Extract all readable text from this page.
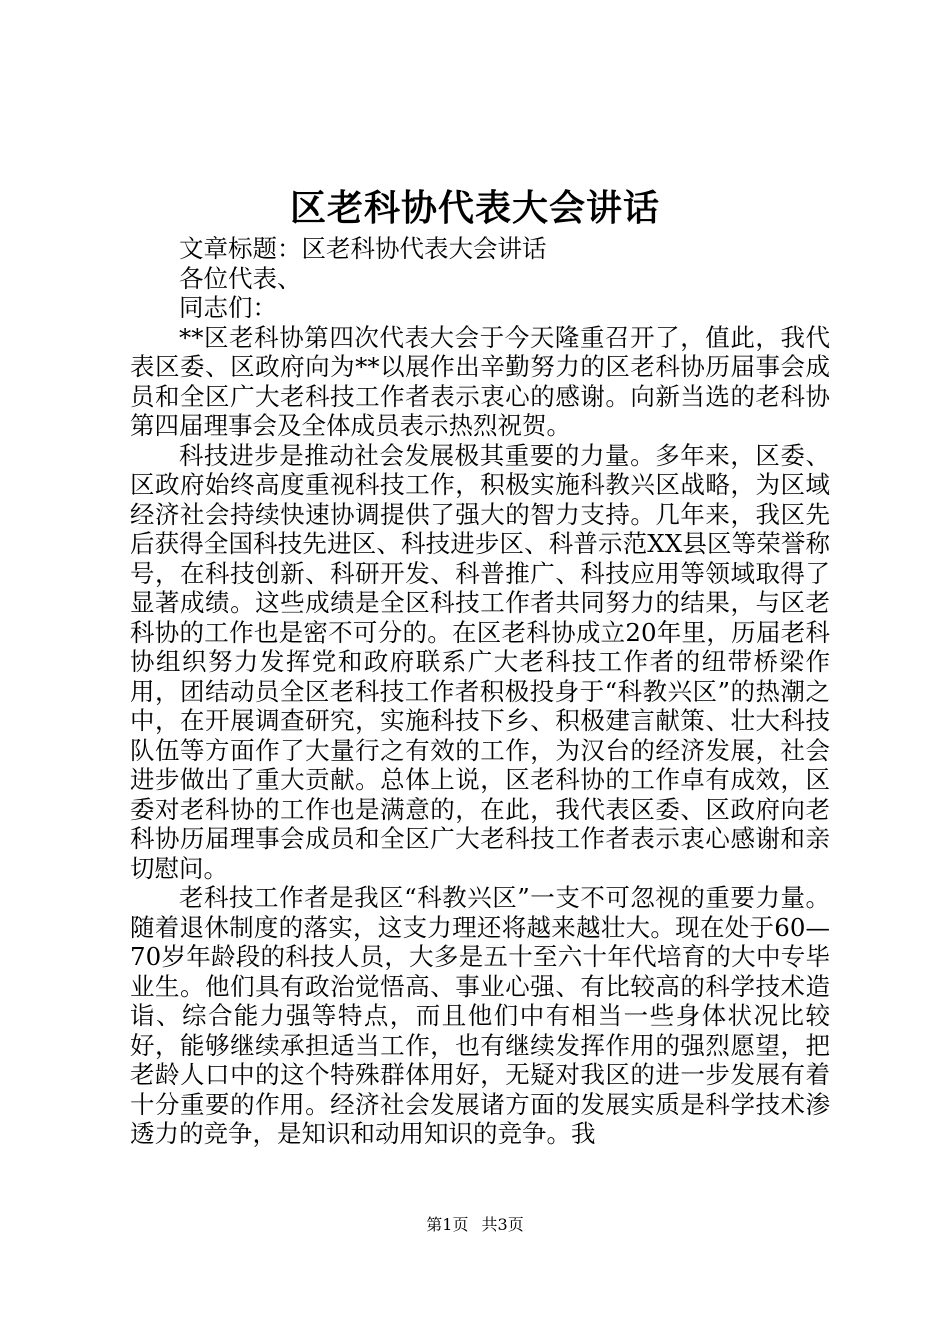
区老科协代表大会讲话

文章标题：区老科协代表大会讲话

各位代表、

同志们：

**区老科协第四次代表大会于今天隆重召开了，值此，我代表区委、区政府向为**以展作出辛勤努力的区老科协历届事会成员和全区广大老科技工作者表示衷心的感谢。向新当选的老科协第四届理事会及全体成员表示热烈祝贺。

科技进步是推动社会发展极其重要的力量。多年来，区委、区政府始终高度重视科技工作，积极实施科教兴区战略，为区域经济社会持续快速协调提供了强大的智力支持。几年来，我区先后获得全国科技先进区、科技进步区、科普示范XX县区等荣誉称号，在科技创新、科研开发、科普推广、科技应用等领域取得了显著成绩。这些成绩是全区科技工作者共同努力的结果，与区老科协的工作也是密不可分的。在区老科协成立20年里，历届老科协组织努力发挥党和政府联系广大老科技工作者的纽带桥梁作用，团结动员全区老科技工作者积极投身于“科教兴区”的热潮之中，在开展调查研究，实施科技下乡、积极建言献策、壮大科技队伍等方面作了大量行之有效的工作，为汉台的经济发展，社会进步做出了重大贡献。总体上说，区老科协的工作卓有成效，区委对老科协的工作也是满意的，在此，我代表区委、区政府向老科协历届理事会成员和全区广大老科技工作者表示衷心感谢和亲切慰问。

老科技工作者是我区“科教兴区”一支不可忽视的重要力量。随着退休制度的落实，这支力理还将越来越壮大。现在处于60—70岁年龄段的科技人员，大多是五十至六十年代培育的大中专毕业生。他们具有政治觉悟高、事业心强、有比较高的科学技术造诣、综合能力强等特点，而且他们中有相当一些身体状况比较好，能够继续承担适当工作，也有继续发挥作用的强烈愿望，把老龄人口中的这个特殊群体用好，无疑对我区的进一步发展有着十分重要的作用。经济社会发展诸方面的发展实质是科学技术渗透力的竞争，是知识和动用知识的竞争。我

第1页 共3页
